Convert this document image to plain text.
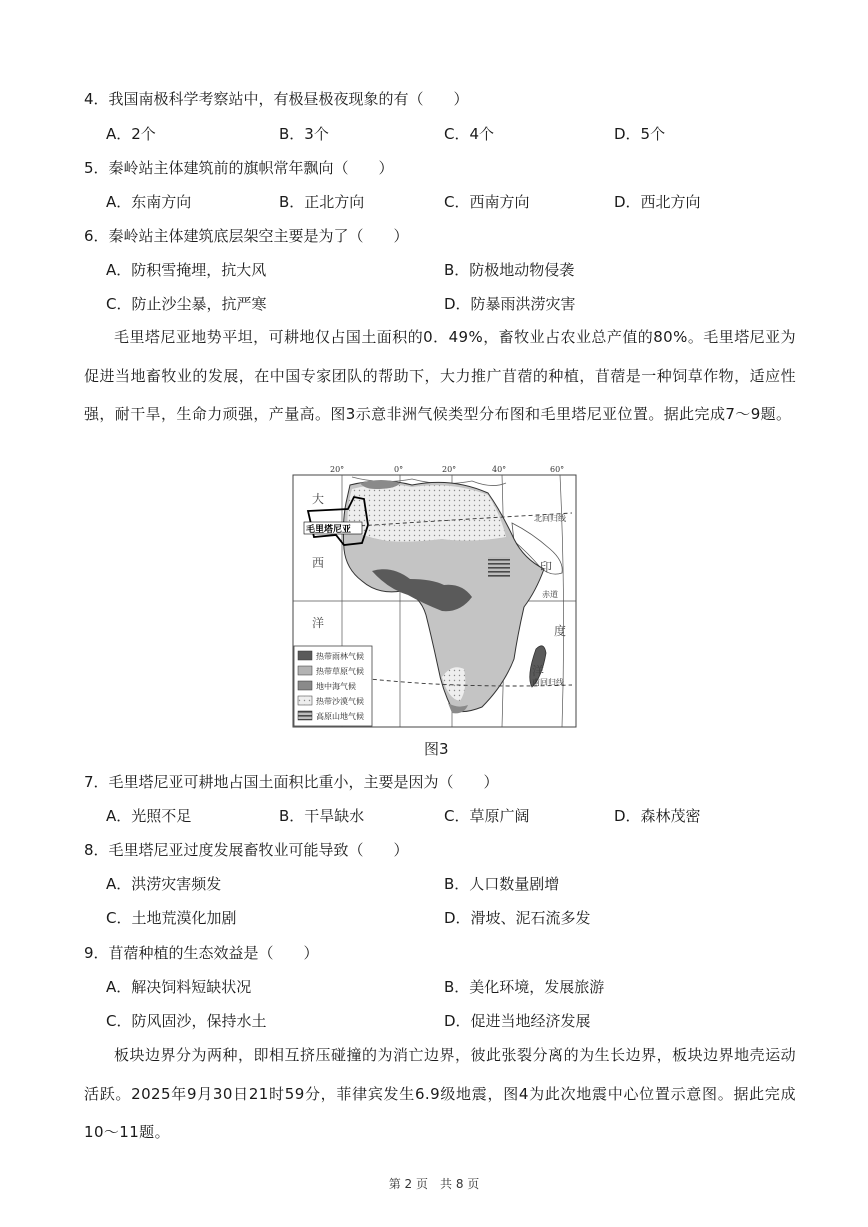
4．我国南极科学考察站中，有极昼极夜现象的有（　　）
A．2个	B．3个	C．4个	D．5个
5．秦岭站主体建筑前的旗帜常年飘向（　　）
A．东南方向	B．正北方向	C．西南方向	D．西北方向
6．秦岭站主体建筑底层架空主要是为了（　　）
A．防积雪掩埋，抗大风	B．防极地动物侵袭
C．防止沙尘暴，抗严寒	D．防暴雨洪涝灾害
毛里塔尼亚地势平坦，可耕地仅占国土面积的0．49%，畜牧业占农业总产值的80%。毛里塔尼亚为促进当地畜牧业的发展，在中国专家团队的帮助下，大力推广苜蓿的种植，苜蓿是一种饲草作物，适应性强，耐干旱，生命力顽强，产量高。图3示意非洲气候类型分布图和毛里塔尼亚位置。据此完成7～9题。
20°	0°	20°	40°	60°
北回归线
赤道
南回归线
大
西
洋
印
度
洋
毛里塔尼亚
热带雨林气候
热带草原气候
地中海气候
热带沙漠气候
高原山地气候
图3
7．毛里塔尼亚可耕地占国土面积比重小，主要是因为（　　）
A．光照不足	B．干旱缺水	C．草原广阔	D．森林茂密
8．毛里塔尼亚过度发展畜牧业可能导致（　　）
A．洪涝灾害频发	B．人口数量剧增
C．土地荒漠化加剧	D．滑坡、泥石流多发
9．苜蓿种植的生态效益是（　　）
A．解决饲料短缺状况	B．美化环境，发展旅游
C．防风固沙，保持水土	D．促进当地经济发展
板块边界分为两种，即相互挤压碰撞的为消亡边界，彼此张裂分离的为生长边界，板块边界地壳运动活跃。2025年9月30日21时59分，菲律宾发生6.9级地震，图4为此次地震中心位置示意图。据此完成10～11题。
第 2 页　共 8 页
